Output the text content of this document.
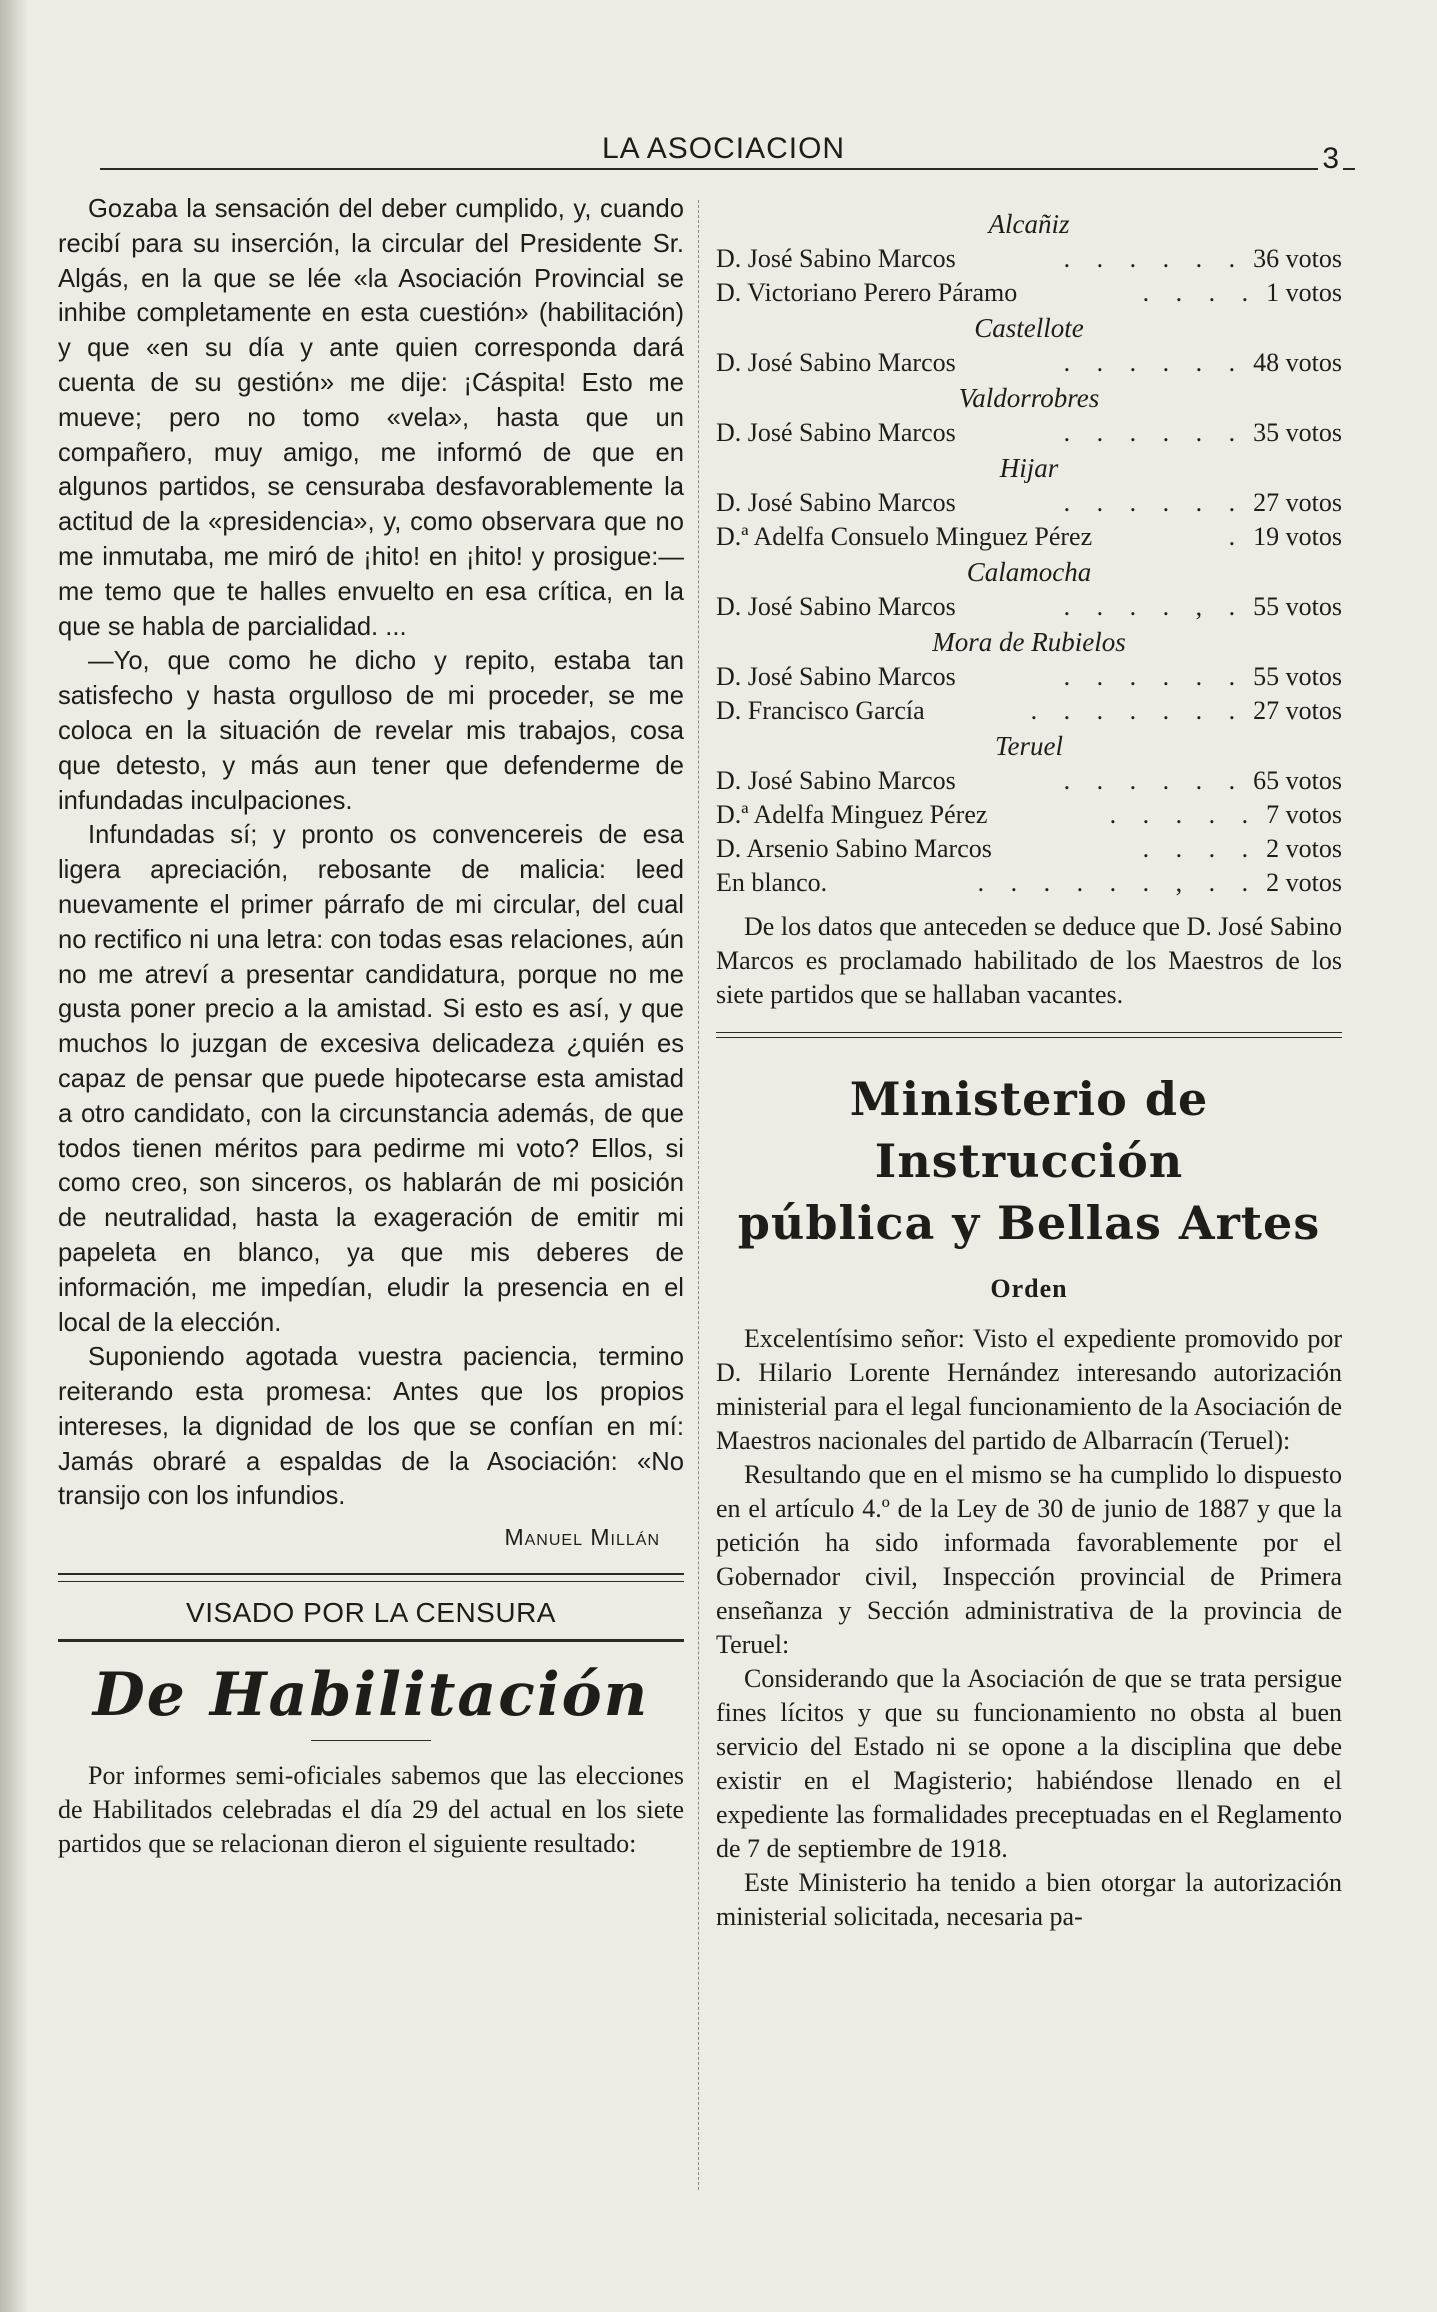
LA ASOCIACION	3

Gozaba la sensación del deber cumplido, y, cuando recibí para su inserción, la circular del Presidente Sr. Algás, en la que se lée «la Asociación Provincial se inhibe completamente en esta cuestión» (habilitación) y que «en su día y ante quien corresponda dará cuenta de su gestión» me dije: ¡Cáspita! Esto me mueve; pero no tomo «vela», hasta que un compañero, muy amigo, me informó de que en algunos partidos, se censuraba desfavorablemente la actitud de la «presidencia», y, como observara que no me inmutaba, me miró de ¡hito! en ¡hito! y prosigue:—me temo que te halles envuelto en esa crítica, en la que se habla de parcialidad. ...

—Yo, que como he dicho y repito, estaba tan satisfecho y hasta orgulloso de mi proceder, se me coloca en la situación de revelar mis trabajos, cosa que detesto, y más aun tener que defenderme de infundadas inculpaciones.

Infundadas sí; y pronto os convencereis de esa ligera apreciación, rebosante de malicia: leed nuevamente el primer párrafo de mi circular, del cual no rectifico ni una letra: con todas esas relaciones, aún no me atreví a presentar candidatura, porque no me gusta poner precio a la amistad. Si esto es así, y que muchos lo juzgan de excesiva delicadeza ¿quién es capaz de pensar que puede hipotecarse esta amistad a otro candidato, con la circunstancia además, de que todos tienen méritos para pedirme mi voto? Ellos, si como creo, son sinceros, os hablarán de mi posición de neutralidad, hasta la exageración de emitir mi papeleta en blanco, ya que mis deberes de información, me impedían, eludir la presencia en el local de la elección.

Suponiendo agotada vuestra paciencia, termino reiterando esta promesa: Antes que los propios intereses, la dignidad de los que se confían en mí: Jamás obraré a espaldas de la Asociación: «No transijo con los infundios.

Manuel Millán
VISADO POR LA CENSURA
De Habilitación

Por informes semi-oficiales sabemos que las elecciones de Habilitados celebradas el día 29 del actual en los siete partidos que se relacionan dieron el siguiente resultado:

Alcañiz
D. José Sabino Marcos	. . . . . . 36 votos
D. Victoriano Perero Páramo	. . . . 1 votos
Castellote
D. José Sabino Marcos	. . . . . . 48 votos
Valdorrobres
D. José Sabino Marcos	. . . . . . 35 votos
Hijar
D. José Sabino Marcos	. . . . . . 27 votos
D.ª Adelfa Consuelo Minguez Pérez	. 19 votos
Calamocha
D. José Sabino Marcos	. . . . , . 55 votos
Mora de Rubielos
D. José Sabino Marcos	. . . . . . 55 votos
D. Francisco García	. . . . . . . 27 votos
Teruel
D. José Sabino Marcos	. . . . . . 65 votos
D.ª Adelfa Minguez Pérez	. . . . . 7 votos
D. Arsenio Sabino Marcos	. . . . 2 votos
En blanco.	. . . . . . , . . 2 votos

De los datos que anteceden se deduce que D. José Sabino Marcos es proclamado habilitado de los Maestros de los siete partidos que se hallaban vacantes.

Ministerio de Instrucción
pública y Bellas Artes
Orden

Excelentísimo señor: Visto el expediente promovido por D. Hilario Lorente Hernández interesando autorización ministerial para el legal funcionamiento de la Asociación de Maestros nacionales del partido de Albarracín (Teruel):

Resultando que en el mismo se ha cumplido lo dispuesto en el artículo 4.º de la Ley de 30 de junio de 1887 y que la petición ha sido informada favorablemente por el Gobernador civil, Inspección provincial de Primera enseñanza y Sección administrativa de la provincia de Teruel:

Considerando que la Asociación de que se trata persigue fines lícitos y que su funcionamiento no obsta al buen servicio del Estado ni se opone a la disciplina que debe existir en el Magisterio; habiéndose llenado en el expediente las formalidades preceptuadas en el Reglamento de 7 de septiembre de 1918.

Este Ministerio ha tenido a bien otorgar la autorización ministerial solicitada, necesaria pa-
